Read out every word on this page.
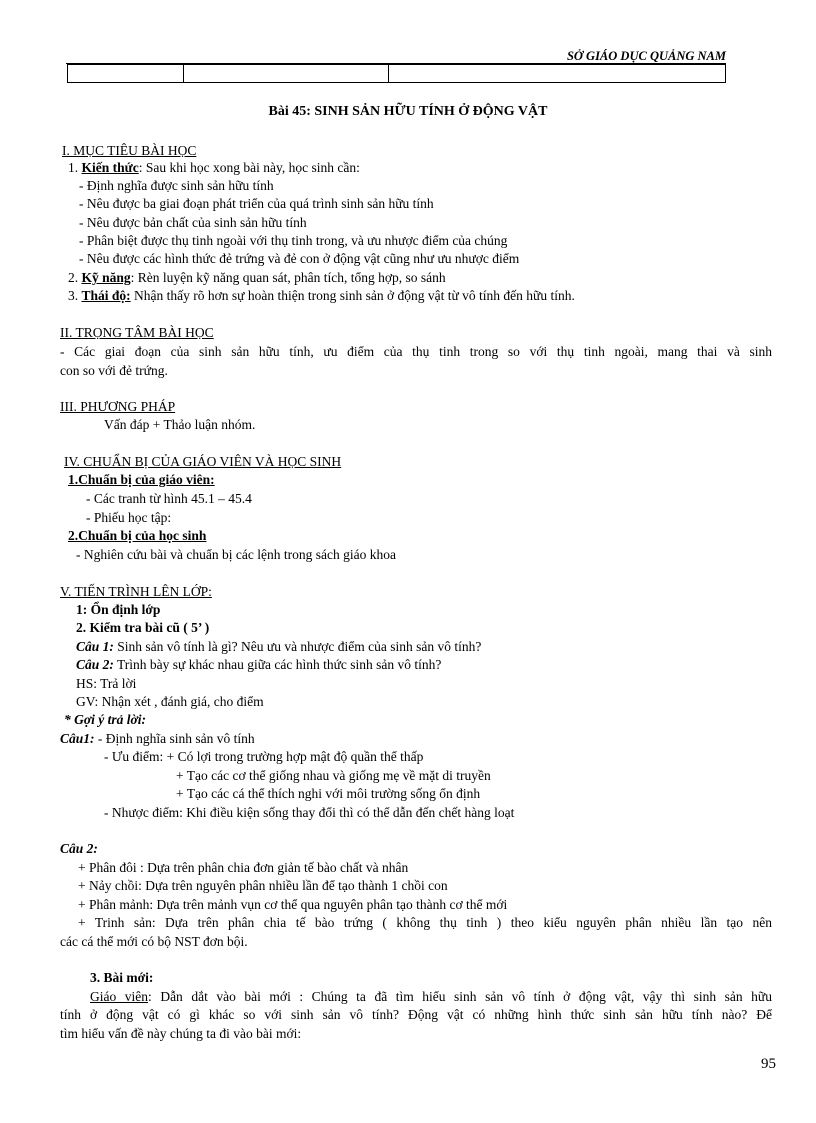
SỞ GIÁO DỤC QUẢNG NAM

Bài 45: SINH SẢN HỮU TÍNH Ở ĐỘNG VẬT
I. MỤC TIÊU BÀI HỌC
1. Kiến thức: Sau khi học xong bài này, học sinh cần:
- Định nghĩa được sinh sản hữu tính
- Nêu được ba giai đoạn phát triển của quá trình sinh sản hữu tính
- Nêu được bản chất của sinh sản hữu tính
- Phân biệt được thụ tinh ngoài với thụ tinh trong, và ưu nhược điểm của chúng
- Nêu được các hình thức đẻ trứng và đẻ con ở động vật cũng như ưu nhược điểm
2. Kỹ năng: Rèn luyện kỹ năng quan sát, phân tích, tổng hợp, so sánh
3. Thái độ: Nhận thấy rõ hơn sự hoàn thiện trong sinh sản ở động vật từ vô tính đến hữu tính.
II. TRỌNG TÂM BÀI HỌC
- Các giai đoạn của sinh sản hữu tính, ưu điểm của thụ tinh trong so với thụ tinh ngoài, mang thai và sinh
con so với đẻ trứng.
III. PHƯƠNG PHÁP
Vấn đáp + Thảo luận nhóm.
IV. CHUẨN BỊ CỦA GIÁO VIÊN VÀ HỌC SINH
1.Chuẩn bị của giáo viên:
- Các tranh từ hình 45.1 – 45.4
- Phiếu học tập:
2.Chuẩn bị của học sinh
- Nghiên cứu bài và chuẩn bị các lệnh trong sách giáo khoa
V. TIẾN TRÌNH LÊN LỚP:
1: Ổn định lớp
2. Kiểm tra bài cũ ( 5’ )
Câu 1: Sinh sản vô tính là gì? Nêu ưu và nhược điểm của sinh sản vô tính?
Câu 2: Trình bày sự khác nhau giữa các hình thức sinh sản vô tính?
HS: Trả lời
GV: Nhận xét , đánh giá, cho điểm
* Gợi ý trả lời:
Câu1: - Định nghĩa sinh sản vô tính
- Ưu điểm: + Có lợi trong trường hợp mật độ quần thể thấp
+ Tạo các cơ thể giống nhau và giống mẹ về mặt di truyền
+ Tạo các cá thể thích nghi với môi trường sống ổn định
- Nhược điểm: Khi điều kiện sống thay đổi thì có thể dẫn đến chết hàng loạt
Câu 2:
+ Phân đôi : Dựa trên phân chia đơn giản tế bào chất và nhân
+ Nảy chồi: Dựa trên nguyên phân nhiều lần để tạo thành 1 chồi con
+ Phân mảnh: Dựa trên mảnh vụn cơ thể qua nguyên phân tạo thành cơ thể mới
+ Trinh sản: Dựa trên phân chia tế bào trứng ( không thụ tinh ) theo kiểu nguyên phân nhiều lần tạo nên
các cá thể mới có bộ NST đơn bội.
3. Bài mới:
Giáo viên: Dẫn dắt vào bài mới : Chúng ta đã tìm hiểu sinh sản vô tính ở động vật, vậy thì sinh sản hữu
tính ở động vật có gì khác so với sinh sản vô tính? Động vật có những hình thức sinh sản hữu tính nào? Để
tìm hiểu vấn đề này chúng ta đi vào bài mới:
95
